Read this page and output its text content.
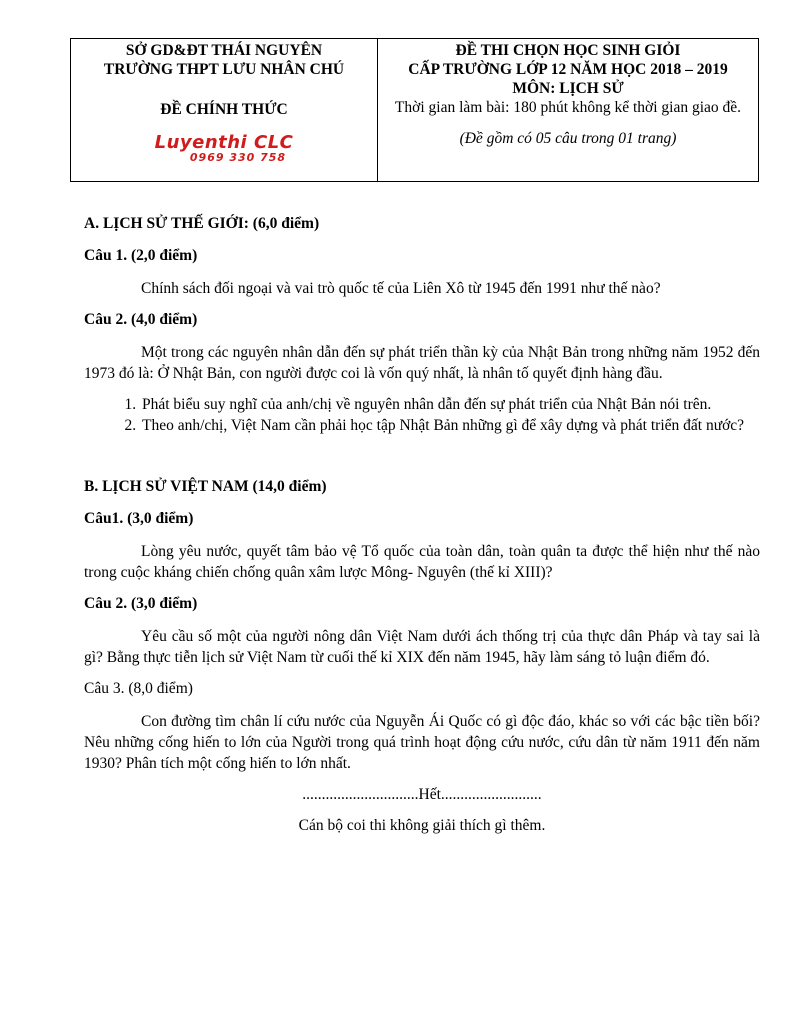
SỞ GD&ĐT THÁI NGUYÊN
TRƯỜNG THPT LƯU NHÂN CHÚ
ĐỀ CHÍNH THỨC
Luyenthi CLC
0969 330 758
ĐỀ THI CHỌN HỌC SINH GIỎI
CẤP TRƯỜNG LỚP 12 NĂM HỌC 2018 – 2019
MÔN: LỊCH SỬ
Thời gian làm bài: 180 phút không kể thời gian giao đề.
(Đề gồm có 05 câu trong 01 trang)
A. LỊCH SỬ THẾ GIỚI: (6,0 điểm)
Câu 1. (2,0 điểm)
Chính sách đối ngoại và vai trò quốc tế của Liên Xô từ 1945 đến 1991 như thế nào?
Câu 2. (4,0 điểm)
Một trong các nguyên nhân dẫn đến sự phát triển thần kỳ của Nhật Bản trong những năm 1952 đến 1973 đó là: Ở Nhật Bản, con người được coi là vốn quý nhất, là nhân tố quyết định hàng đầu.
1. Phát biểu suy nghĩ của anh/chị về nguyên nhân dẫn đến sự phát triển của Nhật Bản nói trên.
2. Theo anh/chị, Việt Nam cần phải học tập Nhật Bản những gì để xây dựng và phát triển đất nước?
B. LỊCH SỬ VIỆT NAM (14,0 điểm)
Câu1. (3,0 điểm)
Lòng yêu nước, quyết tâm bảo vệ Tổ quốc của toàn dân, toàn quân ta được thể hiện như thế nào trong cuộc kháng chiến chống quân xâm lược Mông- Nguyên (thế kỉ XIII)?
Câu 2. (3,0 điểm)
Yêu cầu số một của người nông dân Việt Nam dưới ách thống trị của thực dân Pháp và tay sai là gì? Bằng thực tiễn lịch sử Việt Nam từ cuối thế kỉ XIX đến năm 1945, hãy làm sáng tỏ luận điểm đó.
Câu 3. (8,0 điểm)
Con đường tìm chân lí cứu nước của Nguyễn Ái Quốc có gì độc đáo, khác so với các bậc tiền bối? Nêu những cống hiến to lớn của Người trong quá trình hoạt động cứu nước, cứu dân từ năm 1911 đến năm 1930? Phân tích một cống hiến to lớn nhất.
..............................Hết..........................
Cán bộ coi thi không giải thích gì thêm.
